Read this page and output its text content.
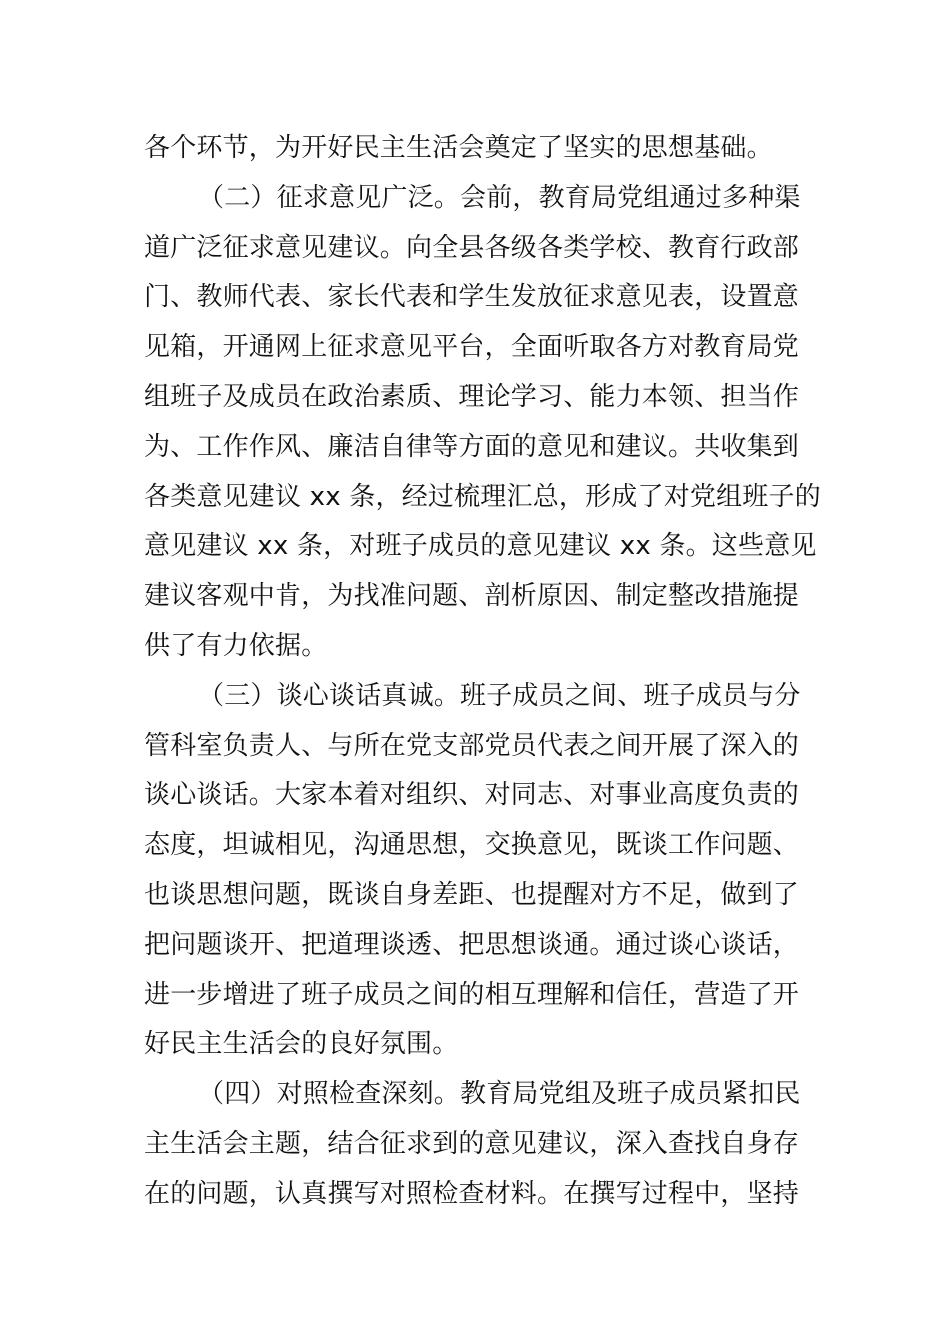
各个环节，为开好民主生活会奠定了坚实的思想基础。
（二）征求意见广泛。会前，教育局党组通过多种渠
道广泛征求意见建议。向全县各级各类学校、教育行政部
门、教师代表、家长代表和学生发放征求意见表，设置意
见箱，开通网上征求意见平台，全面听取各方对教育局党
组班子及成员在政治素质、理论学习、能力本领、担当作
为、工作作风、廉洁自律等方面的意见和建议。共收集到
各类意见建议 xx 条，经过梳理汇总，形成了对党组班子的
意见建议 xx 条，对班子成员的意见建议 xx 条。这些意见
建议客观中肯，为找准问题、剖析原因、制定整改措施提
供了有力依据。
（三）谈心谈话真诚。班子成员之间、班子成员与分
管科室负责人、与所在党支部党员代表之间开展了深入的
谈心谈话。大家本着对组织、对同志、对事业高度负责的
态度，坦诚相见，沟通思想，交换意见，既谈工作问题、
也谈思想问题，既谈自身差距、也提醒对方不足，做到了
把问题谈开、把道理谈透、把思想谈通。通过谈心谈话，
进一步增进了班子成员之间的相互理解和信任，营造了开
好民主生活会的良好氛围。
（四）对照检查深刻。教育局党组及班子成员紧扣民
主生活会主题，结合征求到的意见建议，深入查找自身存
在的问题，认真撰写对照检查材料。在撰写过程中，坚持
